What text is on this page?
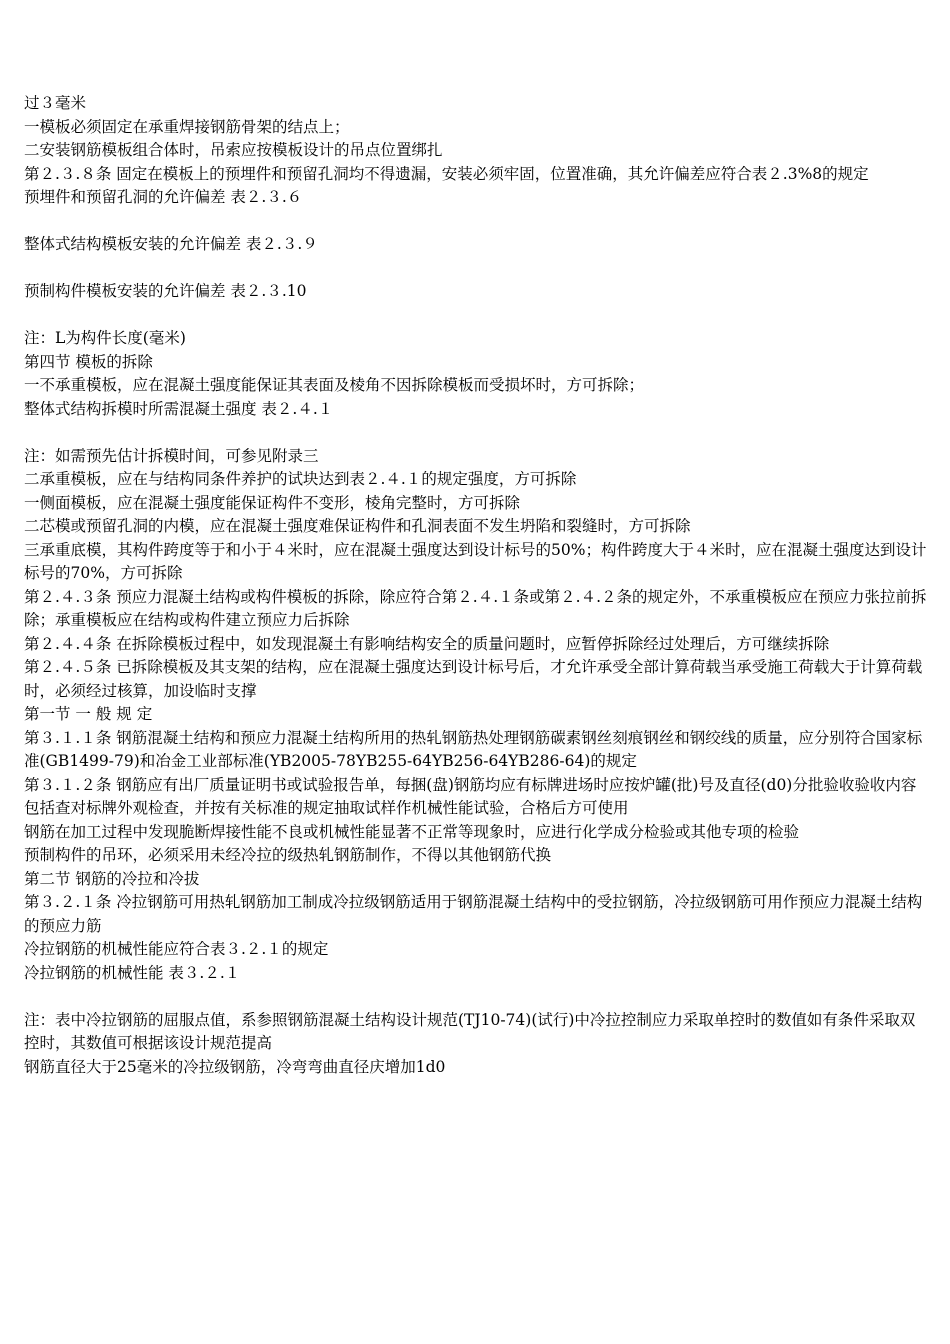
过３毫米
一模板必须固定在承重焊接钢筋骨架的结点上；
二安装钢筋模板组合体时，吊索应按模板设计的吊点位置绑扎
第２.３.８条 固定在模板上的预埋件和预留孔洞均不得遗漏，安装必须牢固，位置准确，其允许偏差应符合表２.3%8的规定
预埋件和预留孔洞的允许偏差 表２.３.６
整体式结构模板安装的允许偏差 表２.３.９
预制构件模板安装的允许偏差 表２.３.10
注：L为构件长度(毫米)
第四节 模板的拆除
一不承重模板，应在混凝土强度能保证其表面及棱角不因拆除模板而受损坏时，方可拆除；
整体式结构拆模时所需混凝土强度 表２.４.１
注：如需预先估计拆模时间，可参见附录三
二承重模板，应在与结构同条件养护的试块达到表２.４.１的规定强度，方可拆除
一侧面模板，应在混凝土强度能保证构件不变形，棱角完整时，方可拆除
二芯模或预留孔洞的内模，应在混凝土强度难保证构件和孔洞表面不发生坍陷和裂缝时，方可拆除
三承重底模，其构件跨度等于和小于４米时，应在混凝土强度达到设计标号的50%；构件跨度大于４米时，应在混凝土强度达到设计标号的70%，方可拆除
第２.４.３条 预应力混凝土结构或构件模板的拆除，除应符合第２.４.１条或第２.４.２条的规定外，不承重模板应在预应力张拉前拆除；承重模板应在结构或构件建立预应力后拆除
第２.４.４条 在拆除模板过程中，如发现混凝土有影响结构安全的质量问题时，应暂停拆除经过处理后，方可继续拆除
第２.４.５条 已拆除模板及其支架的结构，应在混凝土强度达到设计标号后，才允许承受全部计算荷载当承受施工荷载大于计算荷载时，必须经过核算，加设临时支撑
第一节 一 般 规 定
第３.１.１条 钢筋混凝土结构和预应力混凝土结构所用的热轧钢筋热处理钢筋碳素钢丝刻痕钢丝和钢绞线的质量，应分别符合国家标准(GB1499-79)和冶金工业部标准(YB2005-78YB255-64YB256-64YB286-64)的规定
第３.１.２条 钢筋应有出厂质量证明书或试验报告单，每捆(盘)钢筋均应有标牌进场时应按炉罐(批)号及直径(d0)分批验收验收内容包括查对标牌外观检查，并按有关标准的规定抽取试样作机械性能试验，合格后方可使用
钢筋在加工过程中发现脆断焊接性能不良或机械性能显著不正常等现象时，应进行化学成分检验或其他专项的检验
预制构件的吊环，必须采用未经冷拉的级热轧钢筋制作，不得以其他钢筋代换
第二节 钢筋的冷拉和冷拔
第３.２.１条 冷拉钢筋可用热轧钢筋加工制成冷拉级钢筋适用于钢筋混凝土结构中的受拉钢筋，冷拉级钢筋可用作预应力混凝土结构的预应力筋
冷拉钢筋的机械性能应符合表３.２.１的规定
冷拉钢筋的机械性能 表３.２.１
注：表中冷拉钢筋的屈服点值，系参照钢筋混凝土结构设计规范(TJ10-74)(试行)中冷拉控制应力采取单控时的数值如有条件采取双控时，其数值可根据该设计规范提高
钢筋直径大于25毫米的冷拉级钢筋，冷弯弯曲直径庆增加1d0
